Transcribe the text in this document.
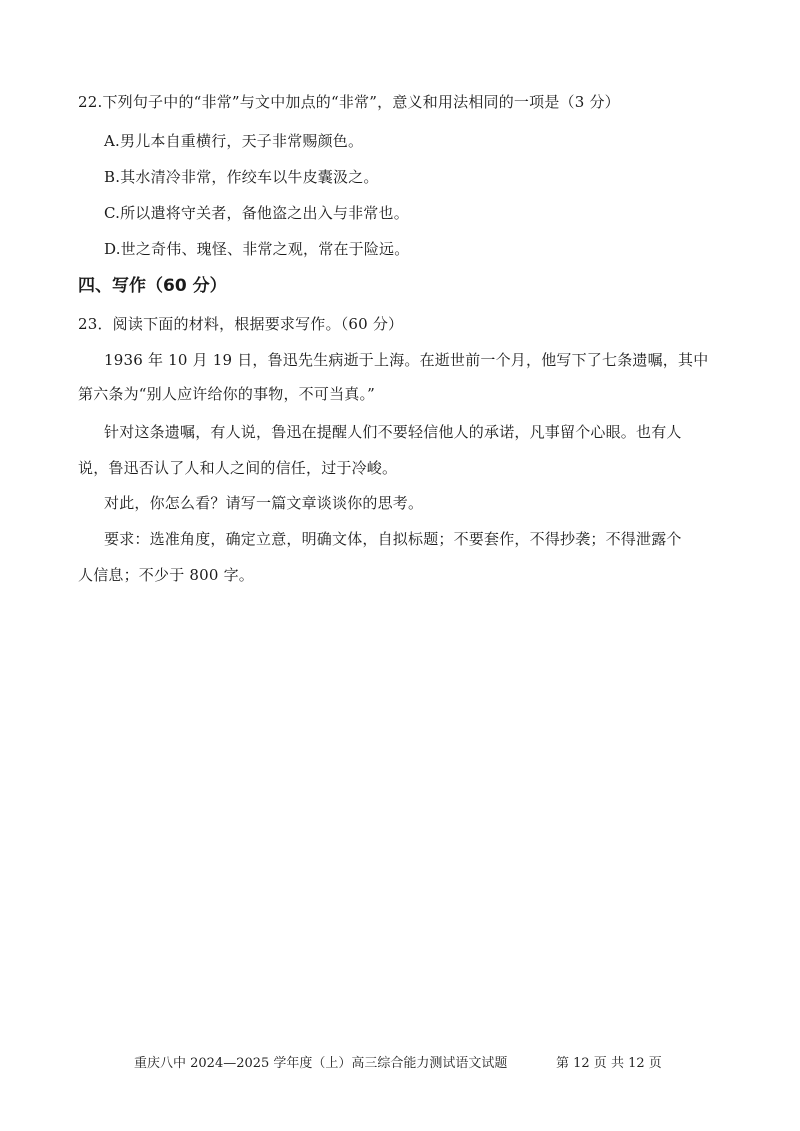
22.下列句子中的“非常”与文中加点的“非常”，意义和用法相同的一项是（3 分）
A.男儿本自重横行，天子非常赐颜色。
B.其水清冷非常，作绞车以牛皮囊汲之。
C.所以遣将守关者，备他盗之出入与非常也。
D.世之奇伟、瑰怪、非常之观，常在于险远。
四、写作（60 分）
23．阅读下面的材料，根据要求写作。（60 分）
1936 年 10 月 19 日，鲁迅先生病逝于上海。在逝世前一个月，他写下了七条遗嘱，其中
第六条为“别人应许给你的事物，不可当真。”
针对这条遗嘱，有人说，鲁迅在提醒人们不要轻信他人的承诺，凡事留个心眼。也有人
说，鲁迅否认了人和人之间的信任，过于冷峻。
对此，你怎么看？请写一篇文章谈谈你的思考。
要求：选准角度，确定立意，明确文体，自拟标题；不要套作，不得抄袭；不得泄露个
人信息；不少于 800 字。
重庆八中 2024—2025 学年度（上）高三综合能力测试语文试题	第 12 页 共 12 页
